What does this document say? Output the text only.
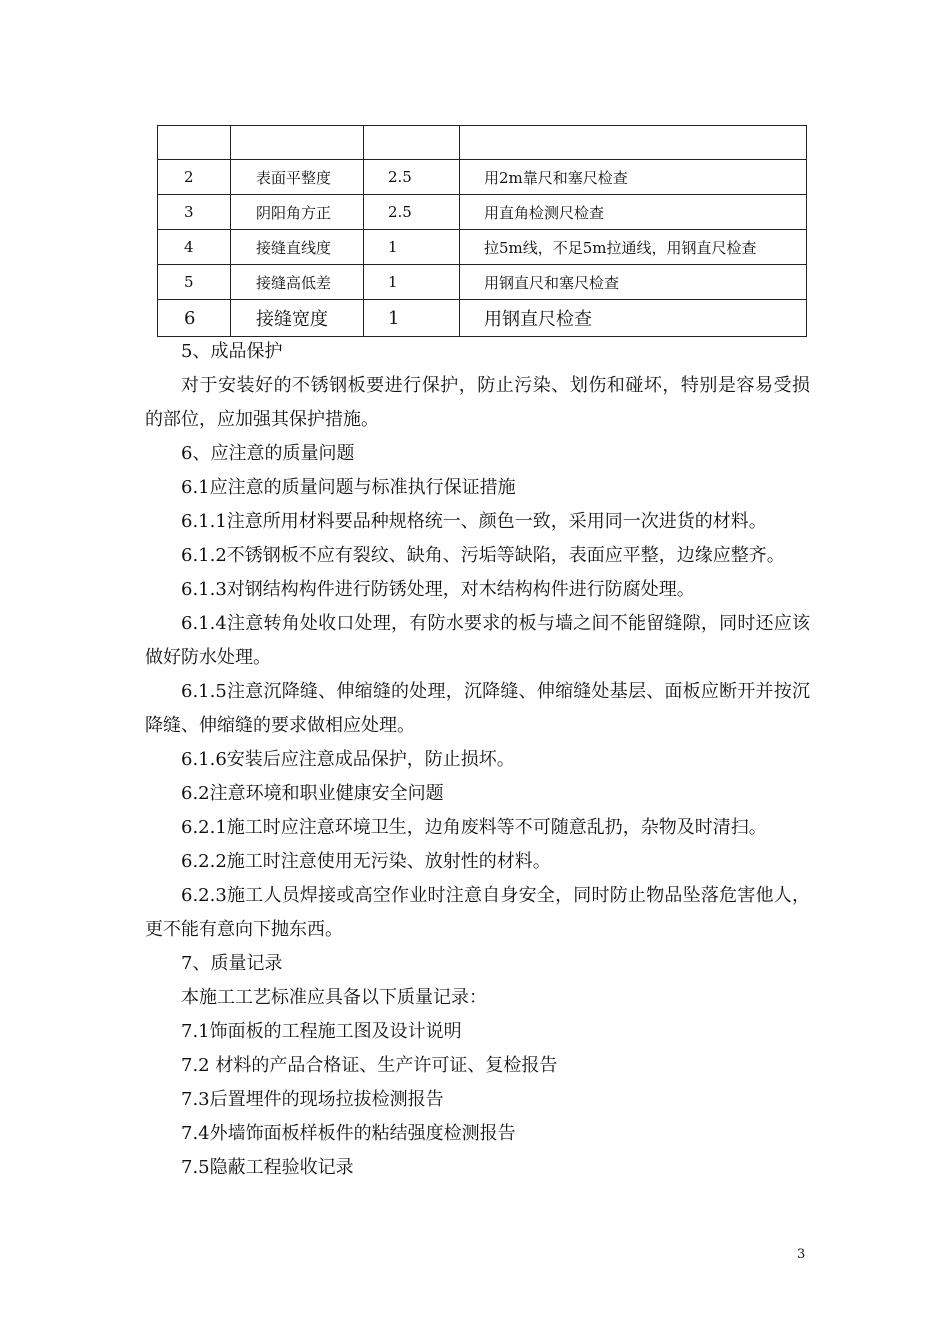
2	表面平整度	2.5	用2m靠尺和塞尺检查
3	阴阳角方正	2.5	用直角检测尺检查
4	接缝直线度	1	拉5m线，不足5m拉通线，用钢直尺检查
5	接缝高低差	1	用钢直尺和塞尺检查
6	接缝宽度	1	用钢直尺检查

5、成品保护

对于安装好的不锈钢板要进行保护，防止污染、划伤和碰坏，特别是容易受损的部位，应加强其保护措施。

6、应注意的质量问题

6.1应注意的质量问题与标准执行保证措施

6.1.1注意所用材料要品种规格统一、颜色一致，采用同一次进货的材料。

6.1.2不锈钢板不应有裂纹、缺角、污垢等缺陷，表面应平整，边缘应整齐。

6.1.3对钢结构构件进行防锈处理，对木结构构件进行防腐处理。

6.1.4注意转角处收口处理，有防水要求的板与墙之间不能留缝隙，同时还应该做好防水处理。

6.1.5注意沉降缝、伸缩缝的处理，沉降缝、伸缩缝处基层、面板应断开并按沉降缝、伸缩缝的要求做相应处理。

6.1.6安装后应注意成品保护，防止损坏。

6.2注意环境和职业健康安全问题

6.2.1施工时应注意环境卫生，边角废料等不可随意乱扔，杂物及时清扫。

6.2.2施工时注意使用无污染、放射性的材料。

6.2.3施工人员焊接或高空作业时注意自身安全，同时防止物品坠落危害他人，更不能有意向下抛东西。

7、质量记录

本施工工艺标准应具备以下质量记录：

7.1饰面板的工程施工图及设计说明

7.2 材料的产品合格证、生产许可证、复检报告

7.3后置埋件的现场拉拔检测报告

7.4外墙饰面板样板件的粘结强度检测报告

7.5隐蔽工程验收记录

3
